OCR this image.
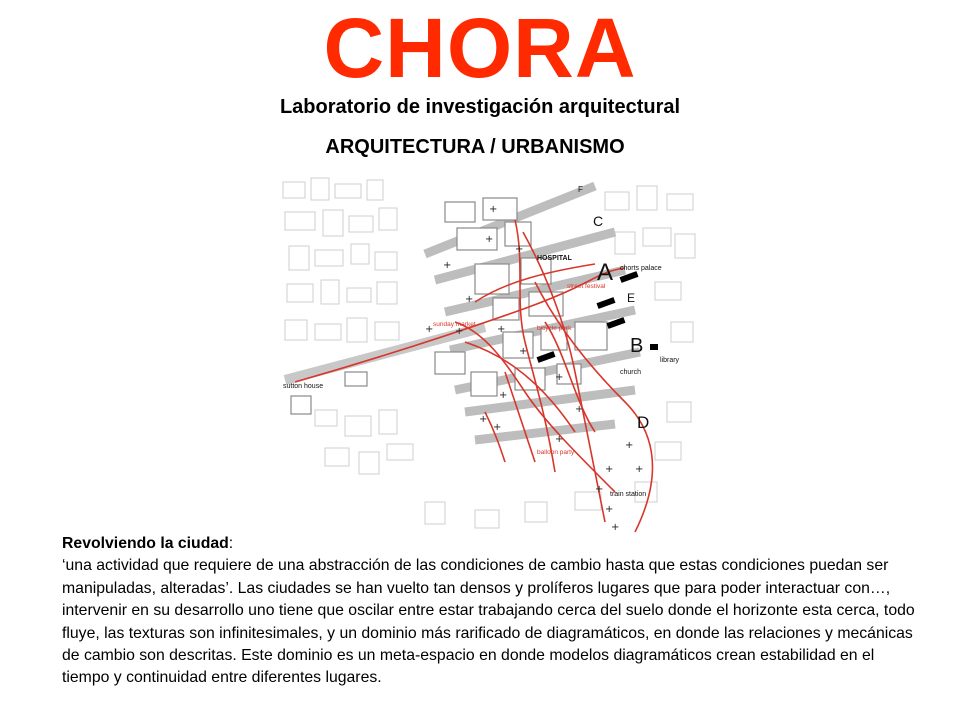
CHORA
Laboratorio de investigación arquitectural
ARQUITECTURA / URBANISMO
+
+
+
+
+
+
+
+
+
+
+
+
+
+
+
+
+
+
+
+
+
F
C
A
E
B
D
HOSPITAL
chorts palace
library
church
sutton house
train station
street festival
sunday market
bicycle park
balloon party
Revolviendo la ciudad:
‘una actividad que requiere de una abstracción de las condiciones de cambio hasta que estas condiciones puedan ser manipuladas, alteradas’. Las ciudades se han vuelto tan densos y prolíferos lugares que para poder interactuar con…, intervenir en su desarrollo uno tiene que oscilar entre estar trabajando cerca del suelo donde el horizonte esta cerca, todo fluye, las texturas son infinitesimales, y un dominio más rarificado de diagramáticos, en donde las relaciones y mecánicas de cambio son descritas. Este dominio es un meta-espacio en donde modelos diagramáticos crean estabilidad en el tiempo y continuidad entre diferentes lugares.
